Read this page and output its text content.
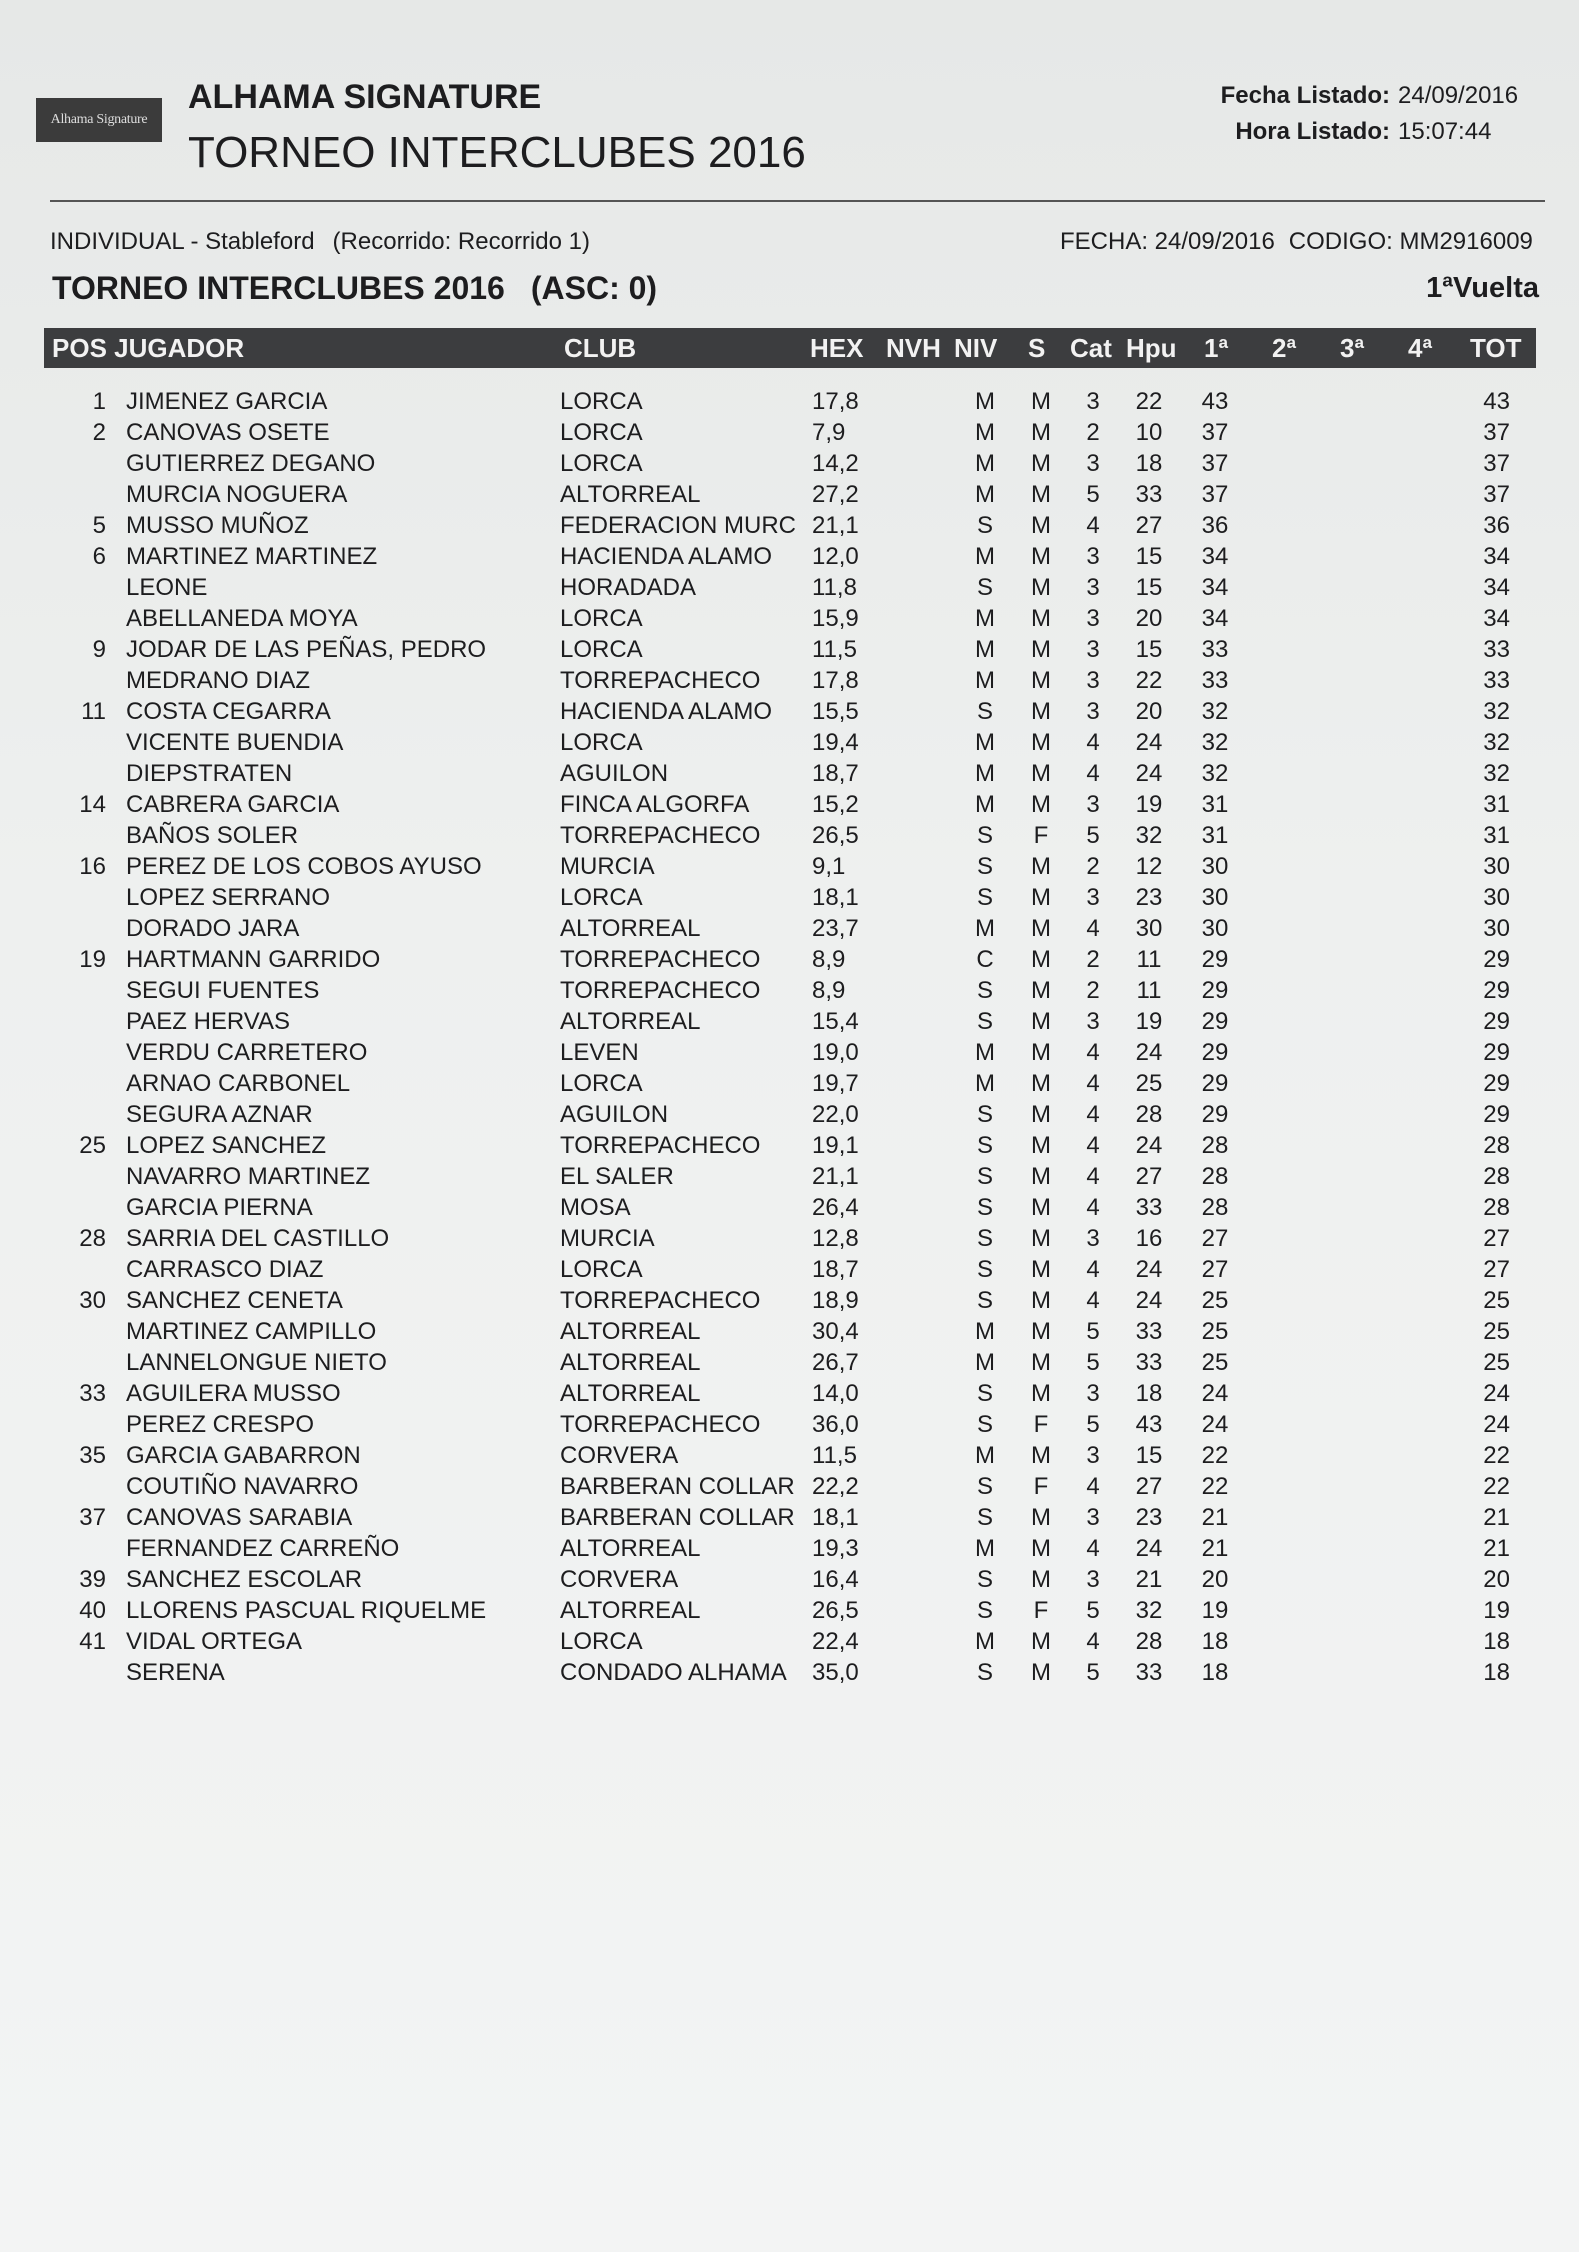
Alhama Signature
ALHAMA SIGNATURE
TORNEO INTERCLUBES 2016
Fecha Listado: 24/09/2016
Hora Listado: 15:07:44
INDIVIDUAL - Stableford (Recorrido: Recorrido 1)	FECHA: 24/09/2016 CODIGO: MM2916009
TORNEO INTERCLUBES 2016 (ASC: 0)	1ªVuelta
POS JUGADOR	CLUB	HEX NVH NIV S Cat Hpu 1ª 2ª 3ª 4ª TOT
1 JIMENEZ GARCIA	LORCA	17,8	M M	3	22	43	43
2 CANOVAS OSETE	LORCA	7,9	M M	2	10	37	37
GUTIERREZ DEGANO	LORCA	14,2	M M	3	18	37	37
MURCIA NOGUERA	ALTORREAL	27,2	M M	5	33	37	37
5 MUSSO MUÑOZ	FEDERACION MURC 21,1	S M	4	27	36	36
6 MARTINEZ MARTINEZ	HACIENDA ALAMO 12,0	M M	3	15	34	34
LEONE	HORADADA	11,8	S M	3	15	34	34
ABELLANEDA MOYA	LORCA	15,9	M M	3	20	34	34
9 JODAR DE LAS PEÑAS, PEDRO	LORCA	11,5	M M	3	15	33	33
MEDRANO DIAZ	TORREPACHECO 17,8	M M	3	22	33	33
11 COSTA CEGARRA	HACIENDA ALAMO 15,5	S M	3	20	32	32
VICENTE BUENDIA	LORCA	19,4	M M	4	24	32	32
DIEPSTRATEN	AGUILON	18,7	M M	4	24	32	32
14 CABRERA GARCIA	FINCA ALGORFA	15,2	M M	3	19	31	31
BAÑOS SOLER	TORREPACHECO 26,5	S	F	5	32	31	31
16 PEREZ DE LOS COBOS AYUSO	MURCIA	9,1	S M	2	12	30	30
LOPEZ SERRANO	LORCA	18,1	S M	3	23	30	30
DORADO JARA	ALTORREAL	23,7	M M	4	30	30	30
19 HARTMANN GARRIDO	TORREPACHECO 8,9	C M	2	11	29	29
SEGUI FUENTES	TORREPACHECO 8,9	S M	2	11	29	29
PAEZ HERVAS	ALTORREAL	15,4	S M	3	19	29	29
VERDU CARRETERO	LEVEN	19,0	M M	4	24	29	29
ARNAO CARBONEL	LORCA	19,7	M M	4	25	29	29
SEGURA AZNAR	AGUILON	22,0	S M	4	28	29	29
25 LOPEZ SANCHEZ	TORREPACHECO 19,1	S M	4	24	28	28
NAVARRO MARTINEZ	EL SALER	21,1	S M	4	27	28	28
GARCIA PIERNA	MOSA	26,4	S M	4	33	28	28
28 SARRIA DEL CASTILLO	MURCIA	12,8	S M	3	16	27	27
CARRASCO DIAZ	LORCA	18,7	S M	4	24	27	27
30 SANCHEZ CENETA	TORREPACHECO 18,9	S M	4	24	25	25
MARTINEZ CAMPILLO	ALTORREAL	30,4	M M	5	33	25	25
LANNELONGUE NIETO	ALTORREAL	26,7	M M	5	33	25	25
33 AGUILERA MUSSO	ALTORREAL	14,0	S M	3	18	24	24
PEREZ CRESPO	TORREPACHECO 36,0	S	F	5	43	24	24
35 GARCIA GABARRON	CORVERA	11,5	M M	3	15	22	22
COUTIÑO NAVARRO	BARBERAN COLLAR 22,2	S	F	4	27	22	22
37 CANOVAS SARABIA	BARBERAN COLLAR 18,1	S M	3	23	21	21
FERNANDEZ CARREÑO	ALTORREAL	19,3	M M	4	24	21	21
39 SANCHEZ ESCOLAR	CORVERA	16,4	S M	3	21	20	20
40 LLORENS PASCUAL RIQUELME	ALTORREAL	26,5	S	F	5	32	19	19
41 VIDAL ORTEGA	LORCA	22,4	M M	4	28	18	18
SERENA	CONDADO ALHAMA 35,0	S M	5	33	18	18
